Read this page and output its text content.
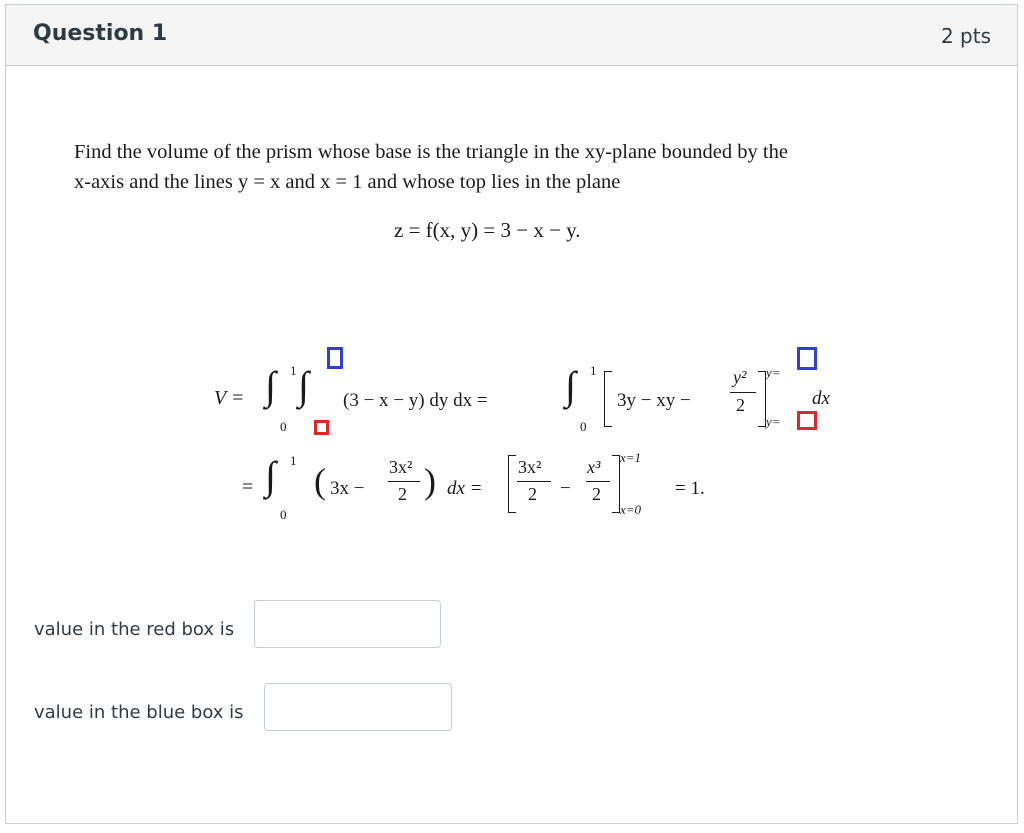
Question 1	2 pts
Find the volume of the prism whose base is the triangle in the xy-plane bounded by the
x-axis and the lines y = x and x = 1 and whose top lies in the plane
z = f(x, y) = 3 − x − y.
V = ∫ 1
0
∫ (3 − x − y) dy dx = ∫ 1
0
3y − xy −
y²
2
y=
y=
dx
= ∫ 1
0
( 3x −
3x²
2 ) dx =
3x²
2 −
x³
2
x=1
x=0
= 1.
value in the red box is
value in the blue box is
